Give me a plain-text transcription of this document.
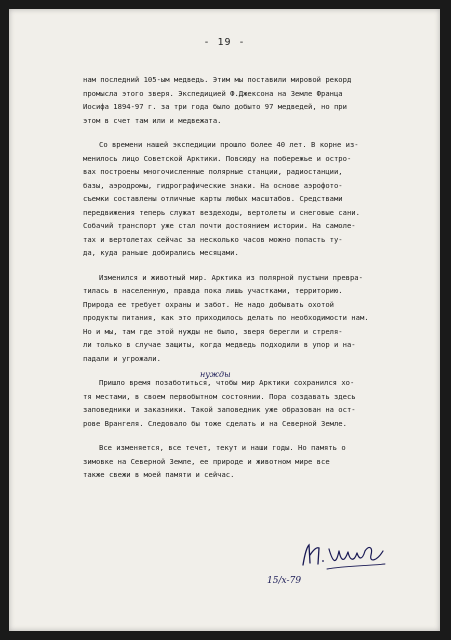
- 19 -
нам последний 105-ым медведь. Этим мы поставили мировой рекорд
промысла этого зверя. Экспедицией Ф.Джексона на Земле Франца
Иосифа 1894-97 г. за три года было добыто 97 медведей, но при
этом в счет там или и медвежата.
Со времени нашей экспедиции прошло более 40 лет. В корне из-
менилось лицо Советской Арктики. Повсюду на побережье и остро-
вах построены многочисленные полярные станции, радиостанции,
базы, аэродромы, гидрографические знаки. На основе аэрофото-
съемки составлены отличные карты любых масштабов. Средствами
передвижения теперь служат вездеходы, вертолеты и снеговые сани.
Собачий транспорт уже стал почти достоянием истории. На самоле-
тах и вертолетах сейчас за несколько часов можно попасть ту-
да, куда раньше добирались месяцами.
Изменился и животный мир. Арктика из полярной пустыни превра-
тилась в населенную, правда пока лишь участками, территорию.
Природа ее требует охраны и забот. Не надо добывать охотой
продукты питания, как это приходилось делать по необходимости нам.
Но и мы, там где этой нужды не было, зверя берегли и стреля-
ли только в случае защиты, когда медведь подходили в упор и на-
падали и угрожали.
Пришло время позаботиться, чтобы мир Арктики сохранился хо-
тя местами, в своем первобытном состоянии. Пора создавать здесь
заповедники и заказники. Такой заповедник уже образован на ост-
рове Врангеля. Следовало бы тоже сделать и на Северной Земле.
Все изменяется, все течет, текут и наши годы. Но память о
зимовке на Северной Земле, ее природе и животном мире все
также свежи в моей памяти и сейчас.
нужды
15/х-79
